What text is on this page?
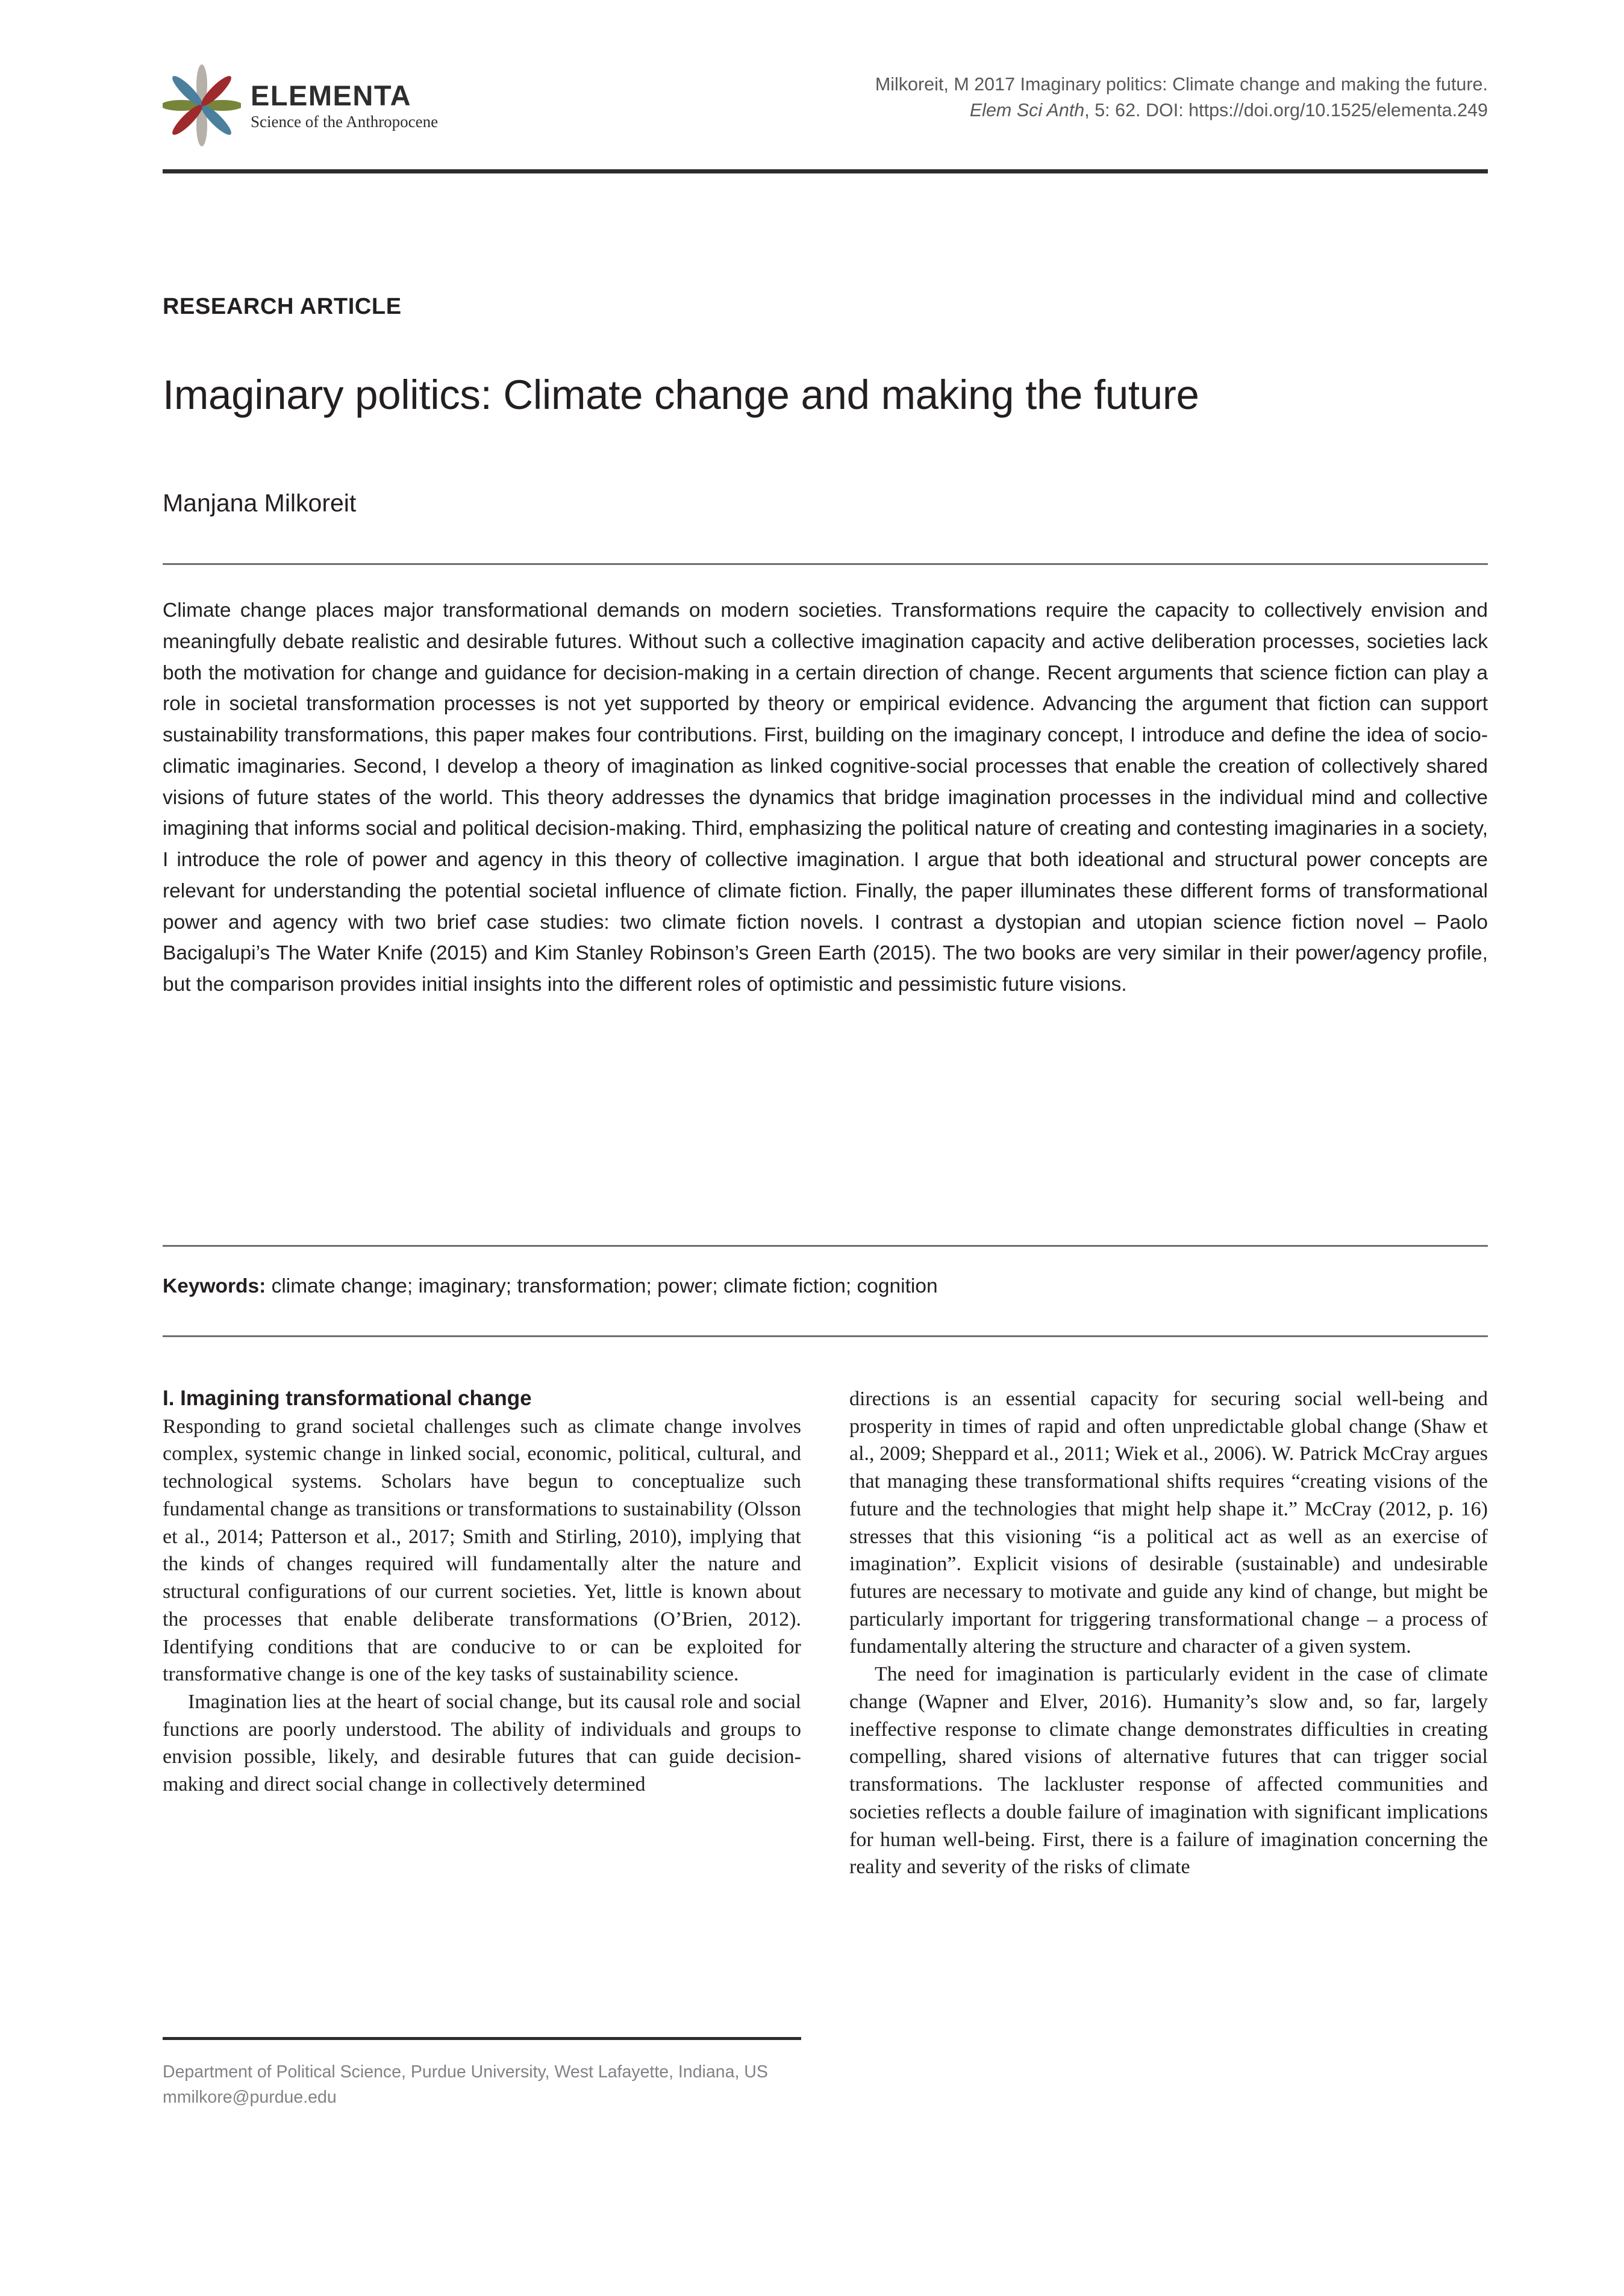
ELEMENTA
Science of the Anthropocene
Milkoreit, M 2017 Imaginary politics: Climate change and making the future.
Elem Sci Anth, 5: 62. DOI: https://doi.org/10.1525/elementa.249
RESEARCH ARTICLE
Imaginary politics: Climate change and making the future
Manjana Milkoreit
Climate change places major transformational demands on modern societies. Transformations require the capacity to collectively envision and meaningfully debate realistic and desirable futures. Without such a collective imagination capacity and active deliberation processes, societies lack both the motivation for change and guidance for decision-making in a certain direction of change. Recent arguments that science fiction can play a role in societal transformation processes is not yet supported by theory or empirical evidence. Advancing the argument that fiction can support sustainability transformations, this paper makes four contributions. First, building on the imaginary concept, I introduce and define the idea of socio-climatic imaginaries. Second, I develop a theory of imagination as linked cognitive-social processes that enable the creation of collectively shared visions of future states of the world. This theory addresses the dynamics that bridge imagination processes in the individual mind and collective imagining that informs social and political decision-making. Third, emphasizing the political nature of creating and contesting imaginaries in a society, I introduce the role of power and agency in this theory of collective imagination. I argue that both ideational and structural power concepts are relevant for understanding the potential societal influence of climate fiction. Finally, the paper illuminates these different forms of transformational power and agency with two brief case studies: two climate fiction novels. I contrast a dystopian and utopian science fiction novel – Paolo Bacigalupi’s The Water Knife (2015) and Kim Stanley Robinson’s Green Earth (2015). The two books are very similar in their power/agency profile, but the comparison provides initial insights into the different roles of optimistic and pessimistic future visions.
Keywords: climate change; imaginary; transformation; power; climate fiction; cognition
I. Imagining transformational change

Responding to grand societal challenges such as climate change involves complex, systemic change in linked social, economic, political, cultural, and technological systems. Scholars have begun to conceptualize such fundamental change as transitions or transformations to sustainability (Olsson et al., 2014; Patterson et al., 2017; Smith and Stirling, 2010), implying that the kinds of changes required will fundamentally alter the nature and structural configurations of our current societies. Yet, little is known about the processes that enable deliberate transformations (O’Brien, 2012). Identifying conditions that are conducive to or can be exploited for transformative change is one of the key tasks of sustainability science.

Imagination lies at the heart of social change, but its causal role and social functions are poorly understood. The ability of individuals and groups to envision possible, likely, and desirable futures that can guide decision-making and direct social change in collectively determined

directions is an essential capacity for securing social well-being and prosperity in times of rapid and often unpredictable global change (Shaw et al., 2009; Sheppard et al., 2011; Wiek et al., 2006). W. Patrick McCray argues that managing these transformational shifts requires “creating visions of the future and the technologies that might help shape it.” McCray (2012, p. 16) stresses that this visioning “is a political act as well as an exercise of imagination”. Explicit visions of desirable (sustainable) and undesirable futures are necessary to motivate and guide any kind of change, but might be particularly important for triggering transformational change – a process of fundamentally altering the structure and character of a given system.

The need for imagination is particularly evident in the case of climate change (Wapner and Elver, 2016). Humanity’s slow and, so far, largely ineffective response to climate change demonstrates difficulties in creating compelling, shared visions of alternative futures that can trigger social transformations. The lackluster response of affected communities and societies reflects a double failure of imagination with significant implications for human well-being. First, there is a failure of imagination concerning the reality and severity of the risks of climate

Department of Political Science, Purdue University, West Lafayette, Indiana, US
mmilkore@purdue.edu
